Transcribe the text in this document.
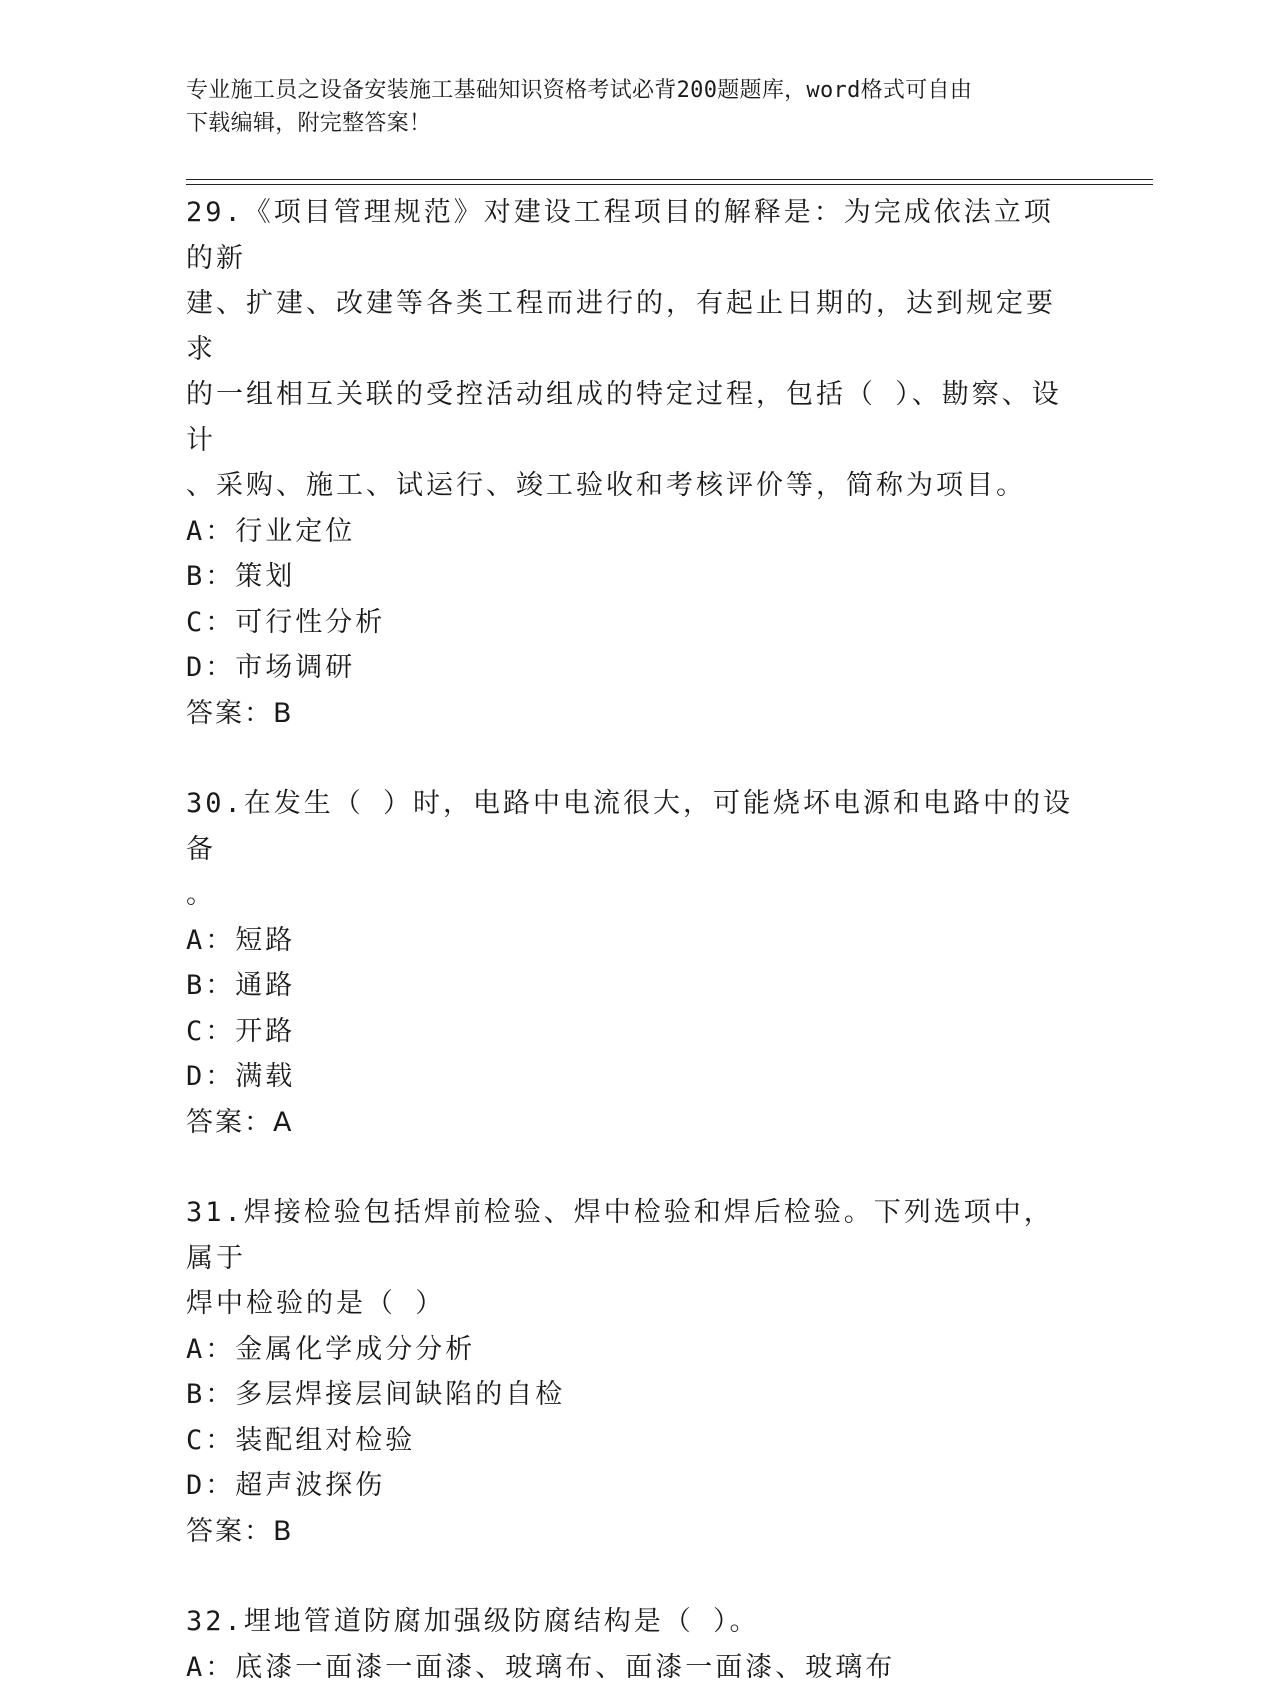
专业施工员之设备安装施工基础知识资格考试必背200题题库，word格式可自由
下载编辑，附完整答案！
29.《项目管理规范》对建设工程项目的解释是：为完成依法立项的新
建、扩建、改建等各类工程而进行的，有起止日期的，达到规定要求
的一组相互关联的受控活动组成的特定过程，包括（ ）、勘察、设计
、采购、施工、试运行、竣工验收和考核评价等，简称为项目。
A：行业定位
B：策划
C：可行性分析
D：市场调研
答案：B
30.在发生（ ）时，电路中电流很大，可能烧坏电源和电路中的设备
。
A：短路
B：通路
C：开路
D：满载
答案：A
31.焊接检验包括焊前检验、焊中检验和焊后检验。下列选项中，属于
焊中检验的是（ ）
A：金属化学成分分析
B：多层焊接层间缺陷的自检
C：装配组对检验
D：超声波探伤
答案：B
32.埋地管道防腐加强级防腐结构是（ ）。
A：底漆一面漆一面漆、玻璃布、面漆一面漆、玻璃布
